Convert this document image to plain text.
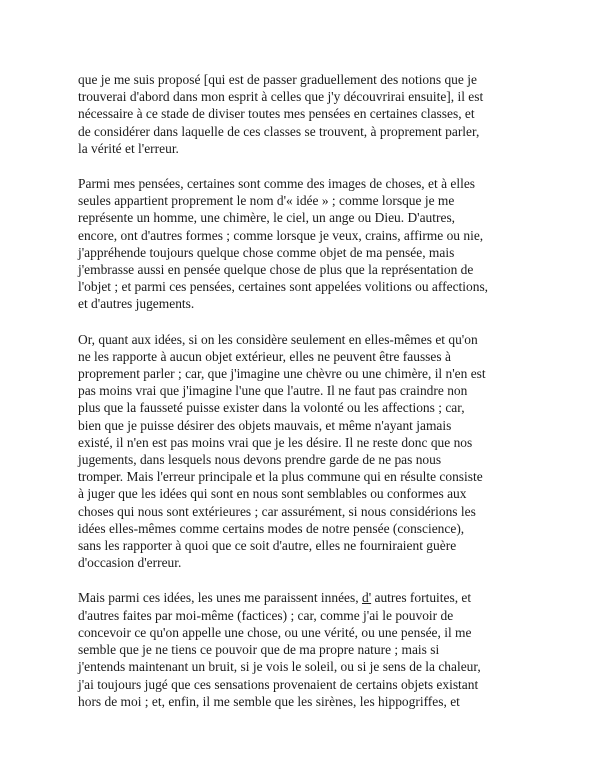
que je me suis proposé [qui est de passer graduellement des notions que je
trouverai d'abord dans mon esprit à celles que j'y découvrirai ensuite], il est
nécessaire à ce stade de diviser toutes mes pensées en certaines classes, et
de considérer dans laquelle de ces classes se trouvent, à proprement parler,
la vérité et l'erreur.

Parmi mes pensées, certaines sont comme des images de choses, et à elles
seules appartient proprement le nom d'« idée » ; comme lorsque je me
représente un homme, une chimère, le ciel, un ange ou Dieu. D'autres,
encore, ont d'autres formes ; comme lorsque je veux, crains, affirme ou nie,
j'appréhende toujours quelque chose comme objet de ma pensée, mais
j'embrasse aussi en pensée quelque chose de plus que la représentation de
l'objet ; et parmi ces pensées, certaines sont appelées volitions ou affections,
et d'autres jugements.

Or, quant aux idées, si on les considère seulement en elles-mêmes et qu'on
ne les rapporte à aucun objet extérieur, elles ne peuvent être fausses à
proprement parler ; car, que j'imagine une chèvre ou une chimère, il n'en est
pas moins vrai que j'imagine l'une que l'autre. Il ne faut pas craindre non
plus que la fausseté puisse exister dans la volonté ou les affections ; car,
bien que je puisse désirer des objets mauvais, et même n'ayant jamais
existé, il n'en est pas moins vrai que je les désire. Il ne reste donc que nos
jugements, dans lesquels nous devons prendre garde de ne pas nous
tromper. Mais l'erreur principale et la plus commune qui en résulte consiste
à juger que les idées qui sont en nous sont semblables ou conformes aux
choses qui nous sont extérieures ; car assurément, si nous considérions les
idées elles-mêmes comme certains modes de notre pensée (conscience),
sans les rapporter à quoi que ce soit d'autre, elles ne fourniraient guère
d'occasion d'erreur.

Mais parmi ces idées, les unes me paraissent innées, d' autres fortuites, et
d'autres faites par moi-même (factices) ; car, comme j'ai le pouvoir de
concevoir ce qu'on appelle une chose, ou une vérité, ou une pensée, il me
semble que je ne tiens ce pouvoir que de ma propre nature ; mais si
j'entends maintenant un bruit, si je vois le soleil, ou si je sens de la chaleur,
j'ai toujours jugé que ces sensations provenaient de certains objets existant
hors de moi ; et, enfin, il me semble que les sirènes, les hippogriffes, et
